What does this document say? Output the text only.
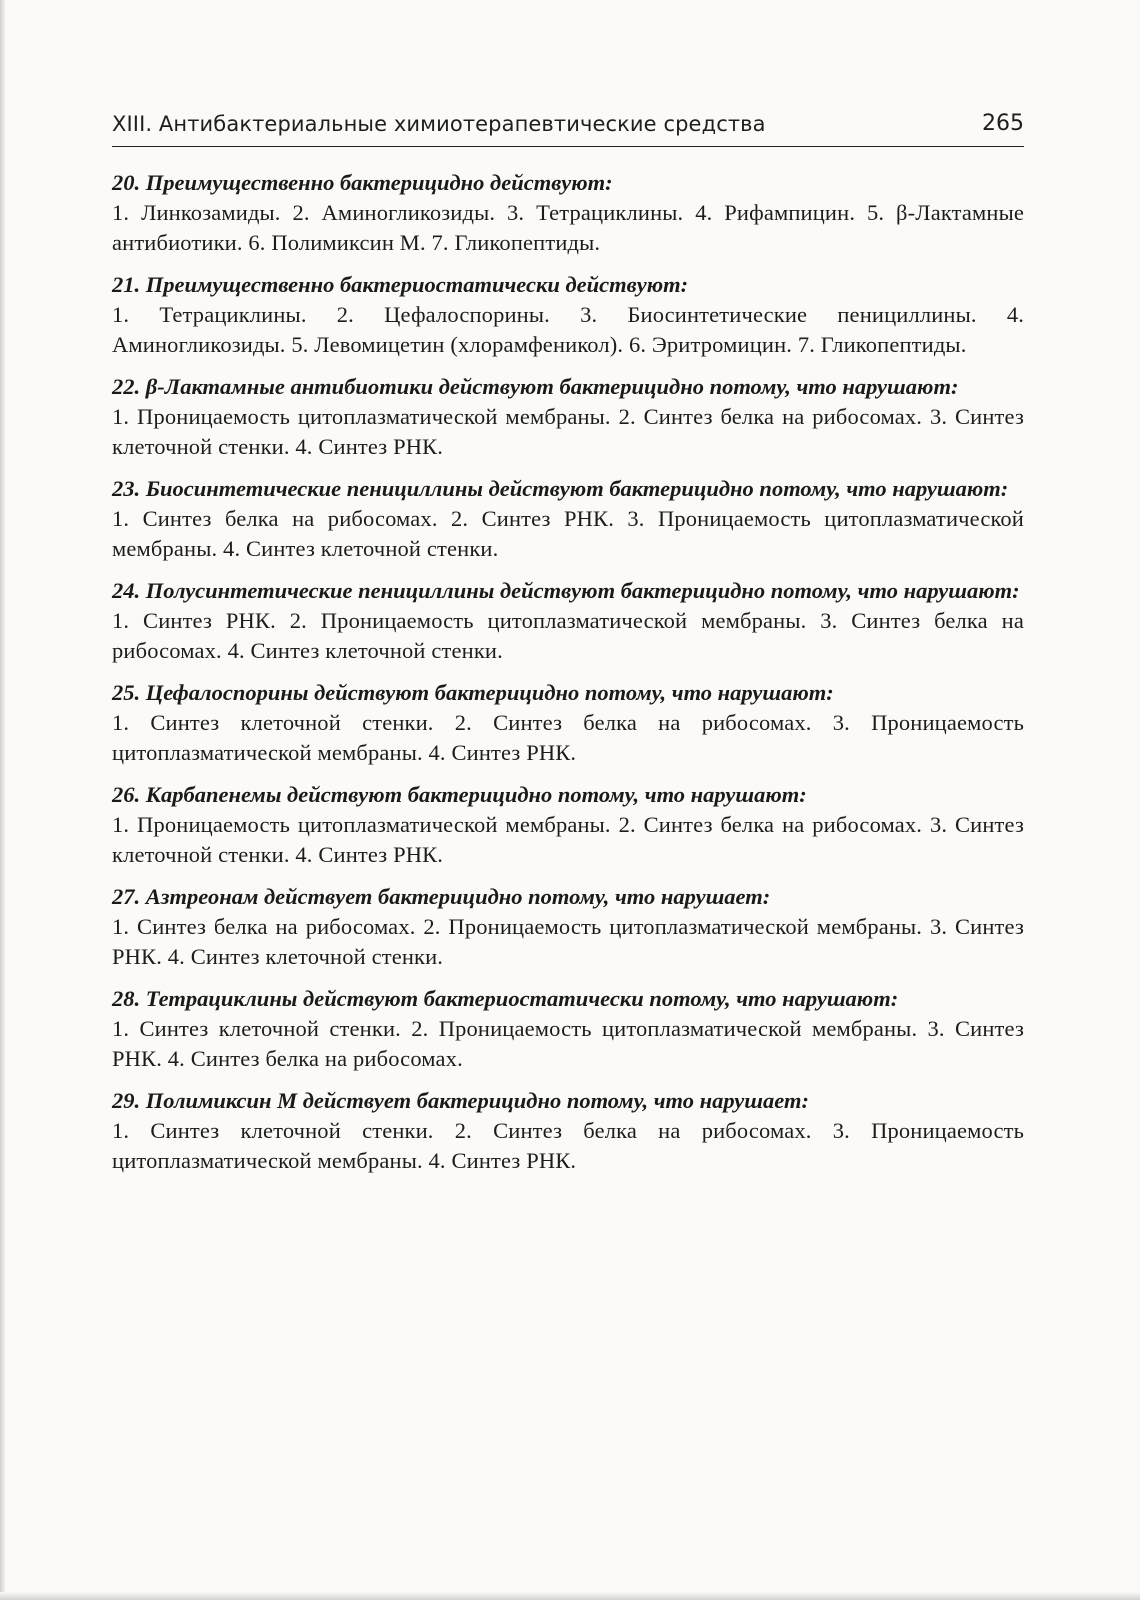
XIII. Антибактериальные химиотерапевтические средства	265

20. Преимущественно бактерицидно действуют:

1. Линкозамиды. 2. Аминогликозиды. 3. Тетрациклины. 4. Рифампицин. 5. β-Лактамные антибиотики. 6. Полимиксин М. 7. Гликопептиды.

21. Преимущественно бактериостатически действуют:

1. Тетрациклины. 2. Цефалоспорины. 3. Биосинтетические пенициллины. 4. Аминогликозиды. 5. Левомицетин (хлорамфеникол). 6. Эритромицин. 7. Гликопептиды.

22. β-Лактамные антибиотики действуют бактерицидно потому, что нарушают:

1. Проницаемость цитоплазматической мембраны. 2. Синтез белка на рибосомах. 3. Синтез клеточной стенки. 4. Синтез РНК.

23. Биосинтетические пенициллины действуют бактерицидно потому, что нарушают:

1. Синтез белка на рибосомах. 2. Синтез РНК. 3. Проницаемость цитоплазматической мембраны. 4. Синтез клеточной стенки.

24. Полусинтетические пенициллины действуют бактерицидно потому, что нарушают:

1. Синтез РНК. 2. Проницаемость цитоплазматической мембраны. 3. Синтез белка на рибосомах. 4. Синтез клеточной стенки.

25. Цефалоспорины действуют бактерицидно потому, что нарушают:

1. Синтез клеточной стенки. 2. Синтез белка на рибосомах. 3. Проницаемость цитоплазматической мембраны. 4. Синтез РНК.

26. Карбапенемы действуют бактерицидно потому, что нарушают:

1. Проницаемость цитоплазматической мембраны. 2. Синтез белка на рибосомах. 3. Синтез клеточной стенки. 4. Синтез РНК.

27. Азтреонам действует бактерицидно потому, что нарушает:

1. Синтез белка на рибосомах. 2. Проницаемость цитоплазматической мембраны. 3. Синтез РНК. 4. Синтез клеточной стенки.

28. Тетрациклины действуют бактериостатически потому, что нарушают:

1. Синтез клеточной стенки. 2. Проницаемость цитоплазматической мембраны. 3. Синтез РНК. 4. Синтез белка на рибосомах.

29. Полимиксин М действует бактерицидно потому, что нарушает:

1. Синтез клеточной стенки. 2. Синтез белка на рибосомах. 3. Проницаемость цитоплазматической мембраны. 4. Синтез РНК.
